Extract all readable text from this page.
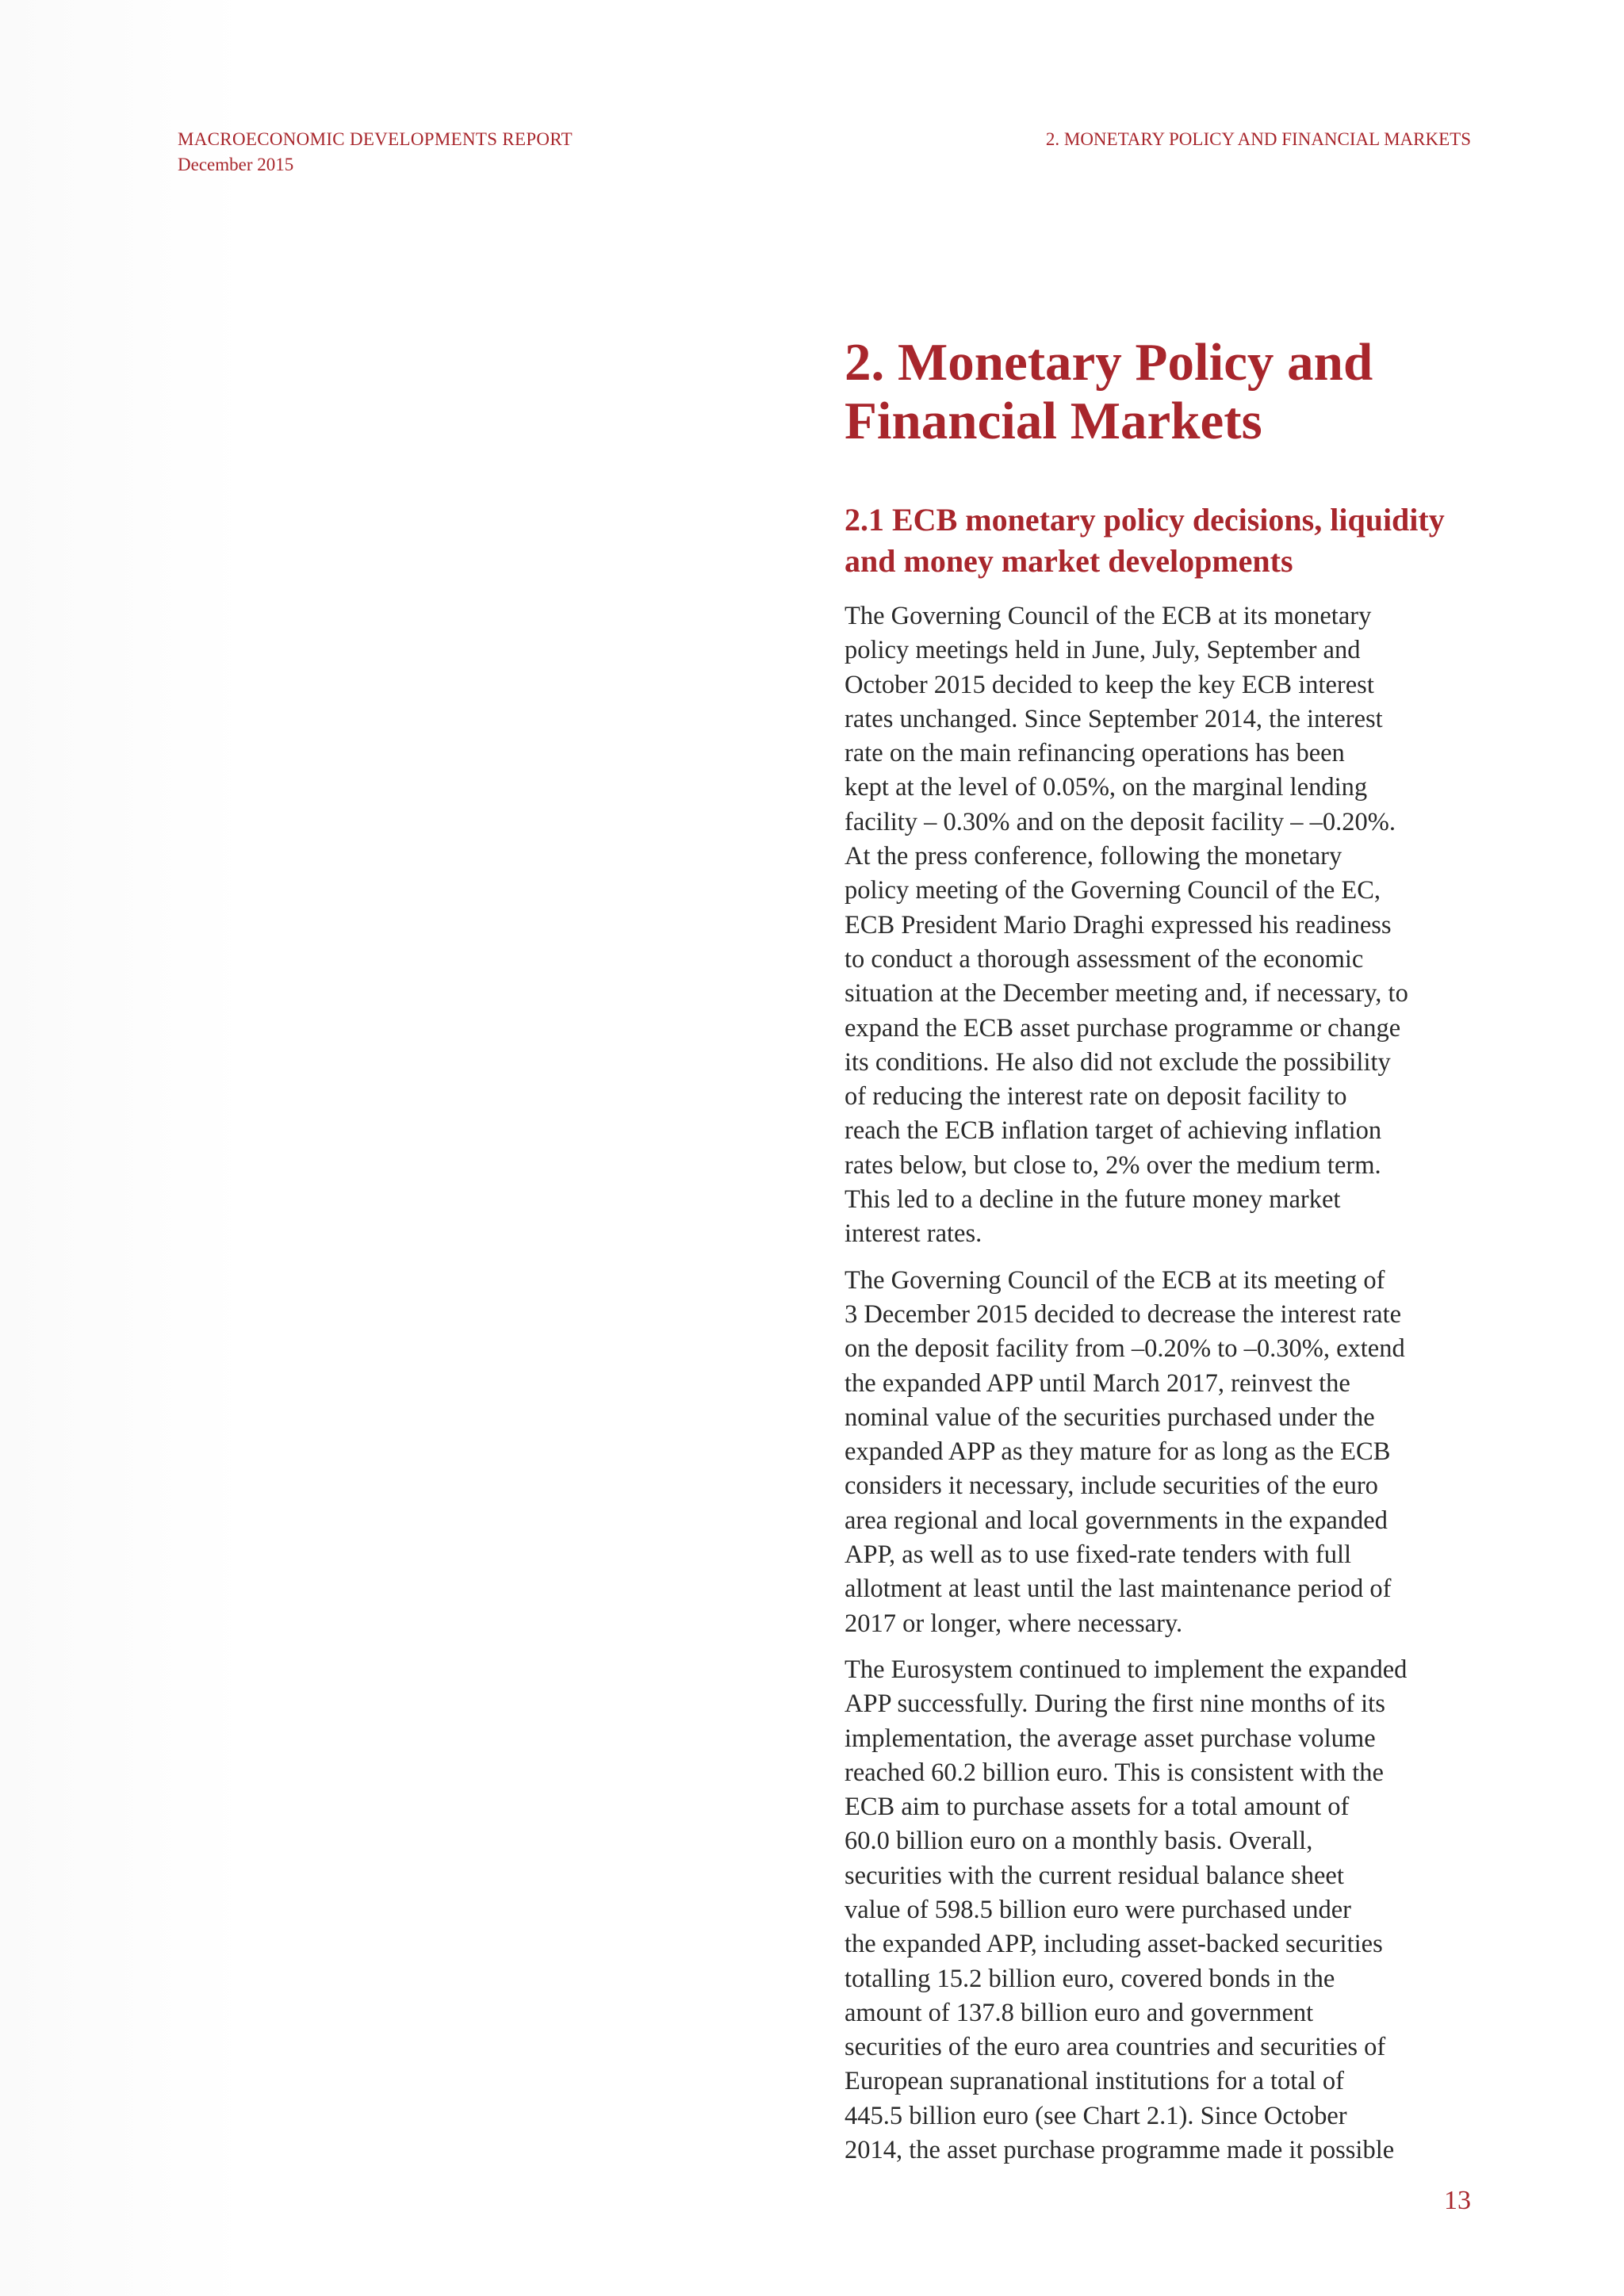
MACROECONOMIC DEVELOPMENTS REPORT
December 2015
2. MONETARY POLICY AND FINANCIAL MARKETS
2. Monetary Policy and
Financial Markets
2.1 ECB monetary policy decisions, liquidity
and money market developments

The Governing Council of the ECB at its monetary
policy meetings held in June, July, September and
October 2015 decided to keep the key ECB interest
rates unchanged. Since September 2014, the interest
rate on the main refinancing operations has been
kept at the level of 0.05%, on the marginal lending
facility – 0.30% and on the deposit facility – –0.20%.
At the press conference, following the monetary
policy meeting of the Governing Council of the EC,
ECB President Mario Draghi expressed his readiness
to conduct a thorough assessment of the economic
situation at the December meeting and, if necessary, to
expand the ECB asset purchase programme or change
its conditions. He also did not exclude the possibility
of reducing the interest rate on deposit facility to
reach the ECB inflation target of achieving inflation
rates below, but close to, 2% over the medium term.
This led to a decline in the future money market
interest rates.

The Governing Council of the ECB at its meeting of
3 December 2015 decided to decrease the interest rate
on the deposit facility from –0.20% to –0.30%, extend
the expanded APP until March 2017, reinvest the
nominal value of the securities purchased under the
expanded APP as they mature for as long as the ECB
considers it necessary, include securities of the euro
area regional and local governments in the expanded
APP, as well as to use fixed-rate tenders with full
allotment at least until the last maintenance period of
2017 or longer, where necessary.

The Eurosystem continued to implement the expanded
APP successfully. During the first nine months of its
implementation, the average asset purchase volume
reached 60.2 billion euro. This is consistent with the
ECB aim to purchase assets for a total amount of
60.0 billion euro on a monthly basis. Overall,
securities with the current residual balance sheet
value of 598.5 billion euro were purchased under
the expanded APP, including asset-backed securities
totalling 15.2 billion euro, covered bonds in the
amount of 137.8 billion euro and government
securities of the euro area countries and securities of
European supranational institutions for a total of
445.5 billion euro (see Chart 2.1). Since October
2014, the asset purchase programme made it possible

13
